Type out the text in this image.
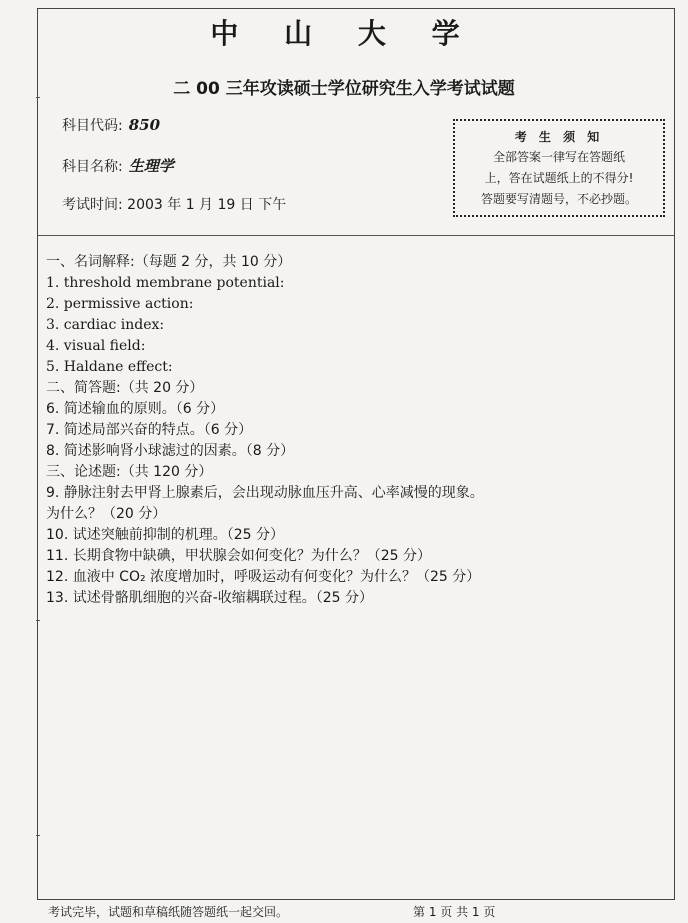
中 山 大 学
二 00 三年攻读硕士学位研究生入学考试试题
科目代码: 850
科目名称: 生理学
考试时间: 2003 年 1 月 19 日 下午
考 生 须 知
全部答案一律写在答题纸
上，答在试题纸上的不得分!
答题要写清题号，不必抄题。
一、名词解释:（每题 2 分，共 10 分）
1. threshold membrane potential:
2. permissive action:
3. cardiac index:
4. visual field:
5. Haldane effect:
二、简答题:（共 20 分）
6. 简述输血的原则。（6 分）
7. 简述局部兴奋的特点。（6 分）
8. 简述影响肾小球滤过的因素。（8 分）
三、论述题:（共 120 分）
9. 静脉注射去甲肾上腺素后，会出现动脉血压升高、心率减慢的现象。
为什么？（20 分）
10. 试述突触前抑制的机理。（25 分）
11. 长期食物中缺碘，甲状腺会如何变化？为什么？（25 分）
12. 血液中 CO₂ 浓度增加时，呼吸运动有何变化？为什么？（25 分）
13. 试述骨骼肌细胞的兴奋-收缩耦联过程。（25 分）
考试完毕，试题和草稿纸随答题纸一起交回。	第 1 页 共 1 页
